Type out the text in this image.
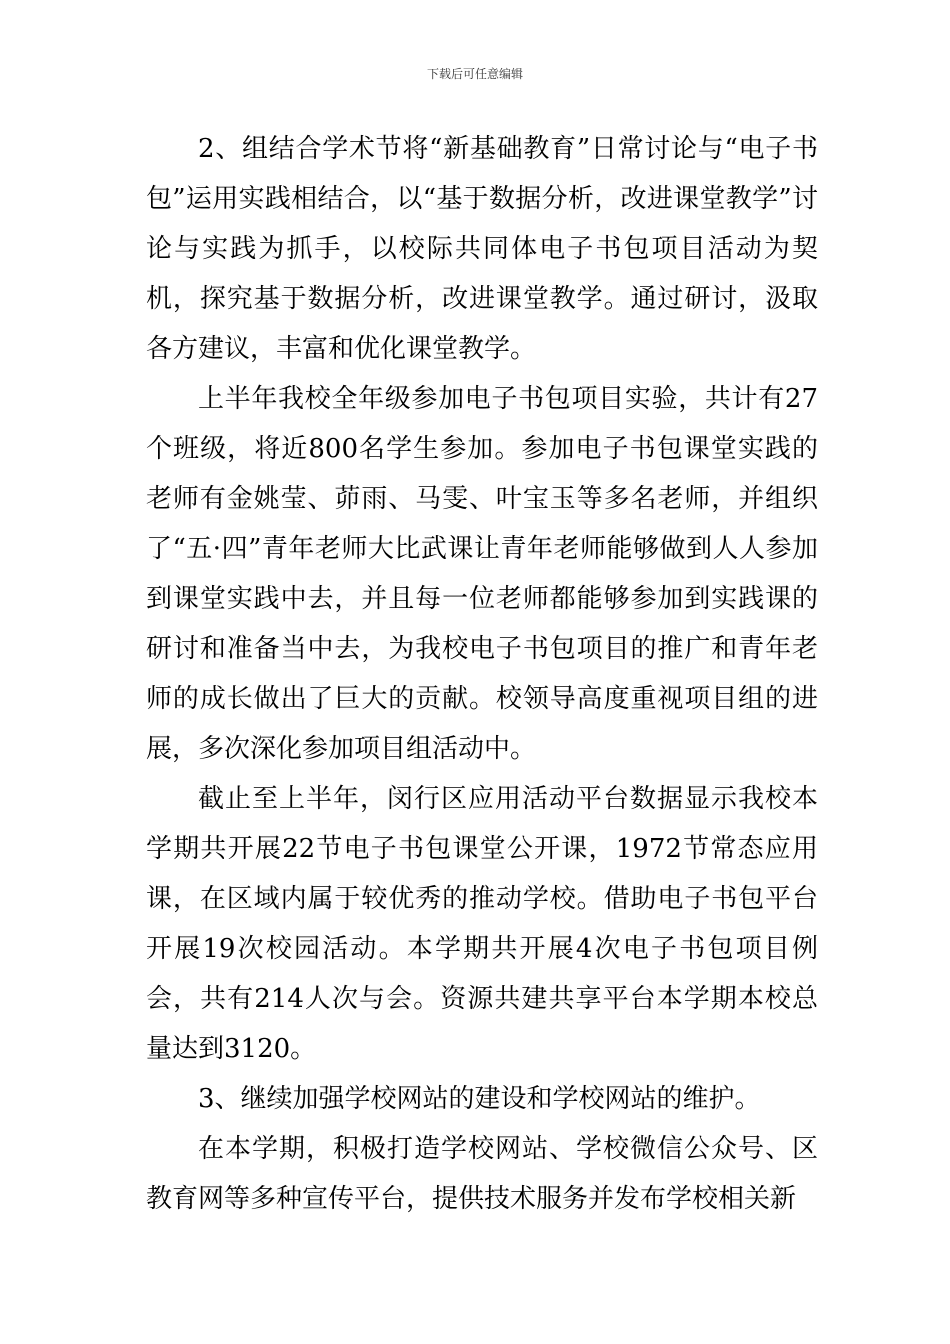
下载后可任意编辑

2、组结合学术节将“新基础教育”日常讨论与“电子书包”运用实践相结合，以“基于数据分析，改进课堂教学”讨论与实践为抓手，以校际共同体电子书包项目活动为契机，探究基于数据分析，改进课堂教学。通过研讨，汲取各方建议，丰富和优化课堂教学。

上半年我校全年级参加电子书包项目实验，共计有27个班级，将近800名学生参加。参加电子书包课堂实践的老师有金姚莹、茆雨、马雯、叶宝玉等多名老师，并组织了“五·四”青年老师大比武课让青年老师能够做到人人参加到课堂实践中去，并且每一位老师都能够参加到实践课的研讨和准备当中去，为我校电子书包项目的推广和青年老师的成长做出了巨大的贡献。校领导高度重视项目组的进展，多次深化参加项目组活动中。

截止至上半年，闵行区应用活动平台数据显示我校本学期共开展22节电子书包课堂公开课，1972节常态应用课，在区域内属于较优秀的推动学校。借助电子书包平台开展19次校园活动。本学期共开展4次电子书包项目例会，共有214人次与会。资源共建共享平台本学期本校总量达到3120。

3、继续加强学校网站的建设和学校网站的维护。

在本学期，积极打造学校网站、学校微信公众号、区教育网等多种宣传平台，提供技术服务并发布学校相关新
